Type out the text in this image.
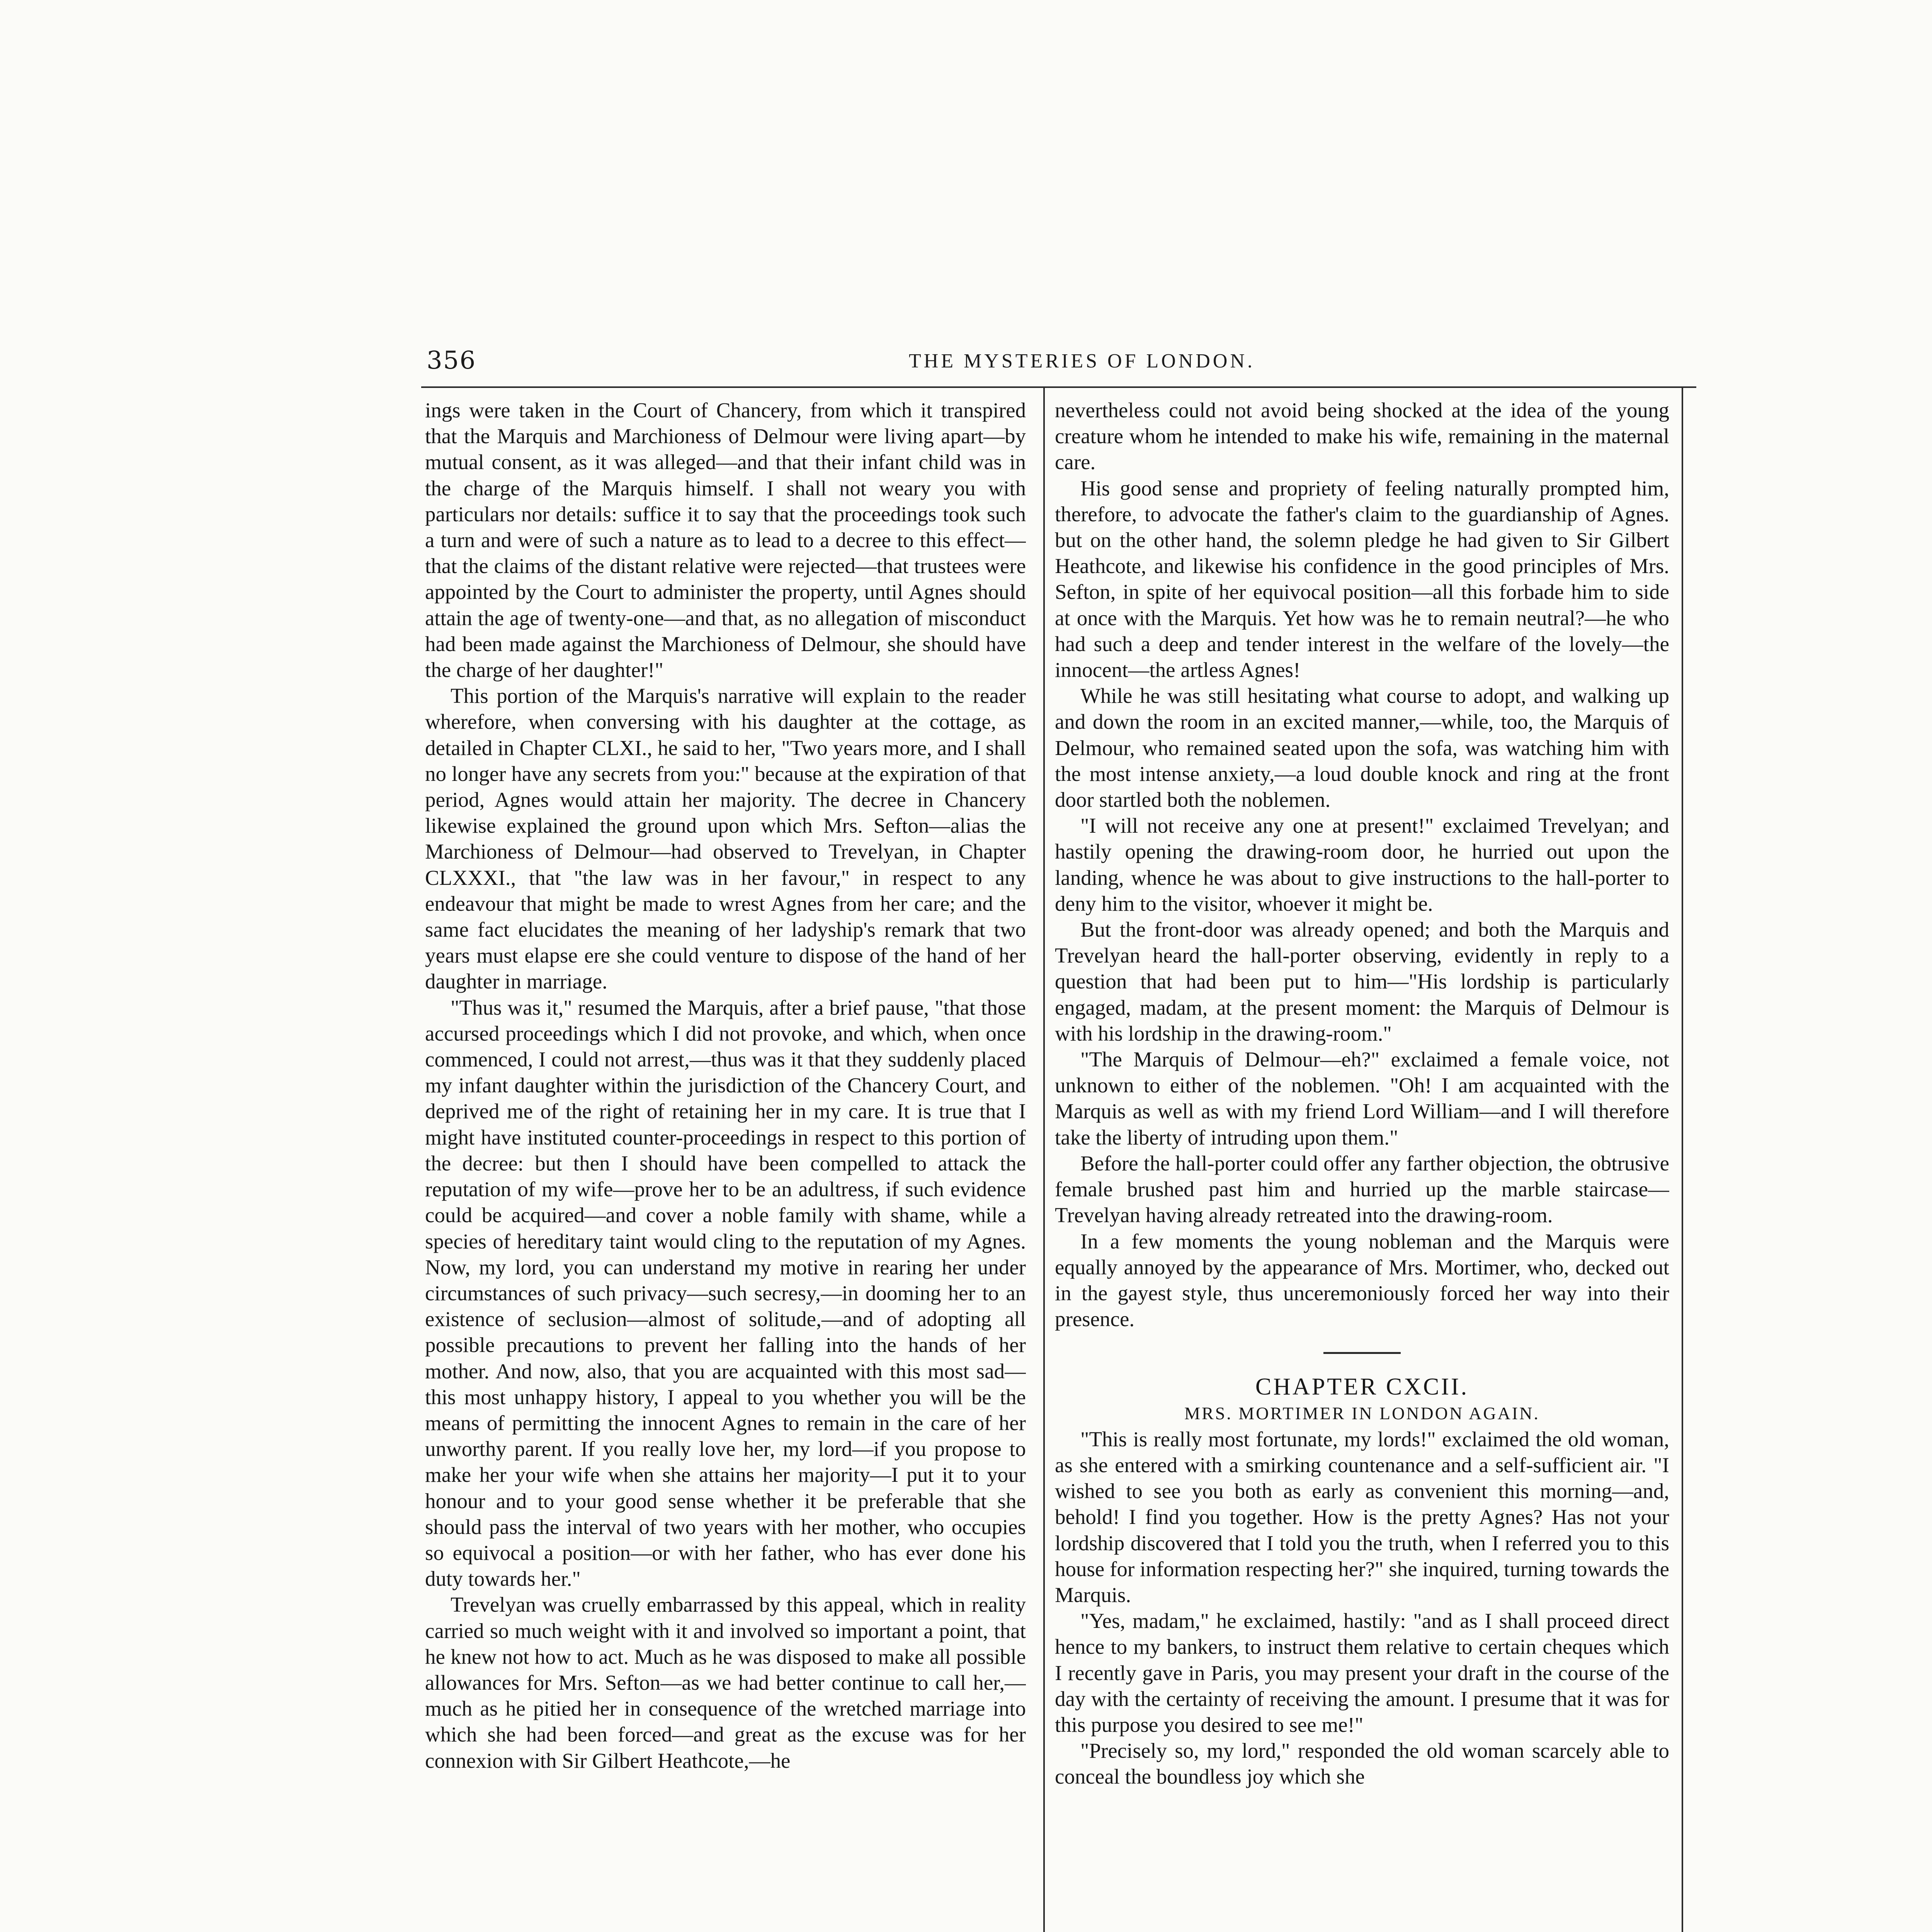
356	THE MYSTERIES OF LONDON.

ings were taken in the Court of Chancery, from which it transpired that the Marquis and Marchioness of Delmour were living apart—by mutual consent, as it was alleged—and that their infant child was in the charge of the Marquis himself. I shall not weary you with particulars nor details: suffice it to say that the proceedings took such a turn and were of such a nature as to lead to a decree to this effect—that the claims of the distant relative were rejected—that trustees were appointed by the Court to administer the property, until Agnes should attain the age of twenty-one—and that, as no allegation of misconduct had been made against the Marchioness of Delmour, she should have the charge of her daughter!"

This portion of the Marquis's narrative will explain to the reader wherefore, when conversing with his daughter at the cottage, as detailed in Chapter CLXI., he said to her, "Two years more, and I shall no longer have any secrets from you:" because at the expiration of that period, Agnes would attain her majority. The decree in Chancery likewise explained the ground upon which Mrs. Sefton—alias the Marchioness of Delmour—had observed to Trevelyan, in Chapter CLXXXI., that "the law was in her favour," in respect to any endeavour that might be made to wrest Agnes from her care; and the same fact elucidates the meaning of her ladyship's remark that two years must elapse ere she could venture to dispose of the hand of her daughter in marriage.

"Thus was it," resumed the Marquis, after a brief pause, "that those accursed proceedings which I did not provoke, and which, when once commenced, I could not arrest,—thus was it that they suddenly placed my infant daughter within the jurisdiction of the Chancery Court, and deprived me of the right of retaining her in my care. It is true that I might have instituted counter-proceedings in respect to this portion of the decree: but then I should have been compelled to attack the reputation of my wife—prove her to be an adultress, if such evidence could be acquired—and cover a noble family with shame, while a species of hereditary taint would cling to the reputation of my Agnes. Now, my lord, you can understand my motive in rearing her under circumstances of such privacy—such secresy,—in dooming her to an existence of seclusion—almost of solitude,—and of adopting all possible precautions to prevent her falling into the hands of her mother. And now, also, that you are acquainted with this most sad—this most unhappy history, I appeal to you whether you will be the means of permitting the innocent Agnes to remain in the care of her unworthy parent. If you really love her, my lord—if you propose to make her your wife when she attains her majority—I put it to your honour and to your good sense whether it be preferable that she should pass the interval of two years with her mother, who occupies so equivocal a position—or with her father, who has ever done his duty towards her."

Trevelyan was cruelly embarrassed by this appeal, which in reality carried so much weight with it and involved so important a point, that he knew not how to act. Much as he was disposed to make all possible allowances for Mrs. Sefton—as we had better continue to call her,—much as he pitied her in consequence of the wretched marriage into which she had been forced—and great as the excuse was for her connexion with Sir Gilbert Heathcote,—he

nevertheless could not avoid being shocked at the idea of the young creature whom he intended to make his wife, remaining in the maternal care.

His good sense and propriety of feeling naturally prompted him, therefore, to advocate the father's claim to the guardianship of Agnes. but on the other hand, the solemn pledge he had given to Sir Gilbert Heathcote, and likewise his confidence in the good principles of Mrs. Sefton, in spite of her equivocal position—all this forbade him to side at once with the Marquis. Yet how was he to remain neutral?—he who had such a deep and tender interest in the welfare of the lovely—the innocent—the artless Agnes!

While he was still hesitating what course to adopt, and walking up and down the room in an excited manner,—while, too, the Marquis of Delmour, who remained seated upon the sofa, was watching him with the most intense anxiety,—a loud double knock and ring at the front door startled both the noblemen.

"I will not receive any one at present!" exclaimed Trevelyan; and hastily opening the drawing-room door, he hurried out upon the landing, whence he was about to give instructions to the hall-porter to deny him to the visitor, whoever it might be.

But the front-door was already opened; and both the Marquis and Trevelyan heard the hall-porter observing, evidently in reply to a question that had been put to him—"His lordship is particularly engaged, madam, at the present moment: the Marquis of Delmour is with his lordship in the drawing-room."

"The Marquis of Delmour—eh?" exclaimed a female voice, not unknown to either of the noblemen. "Oh! I am acquainted with the Marquis as well as with my friend Lord William—and I will therefore take the liberty of intruding upon them."

Before the hall-porter could offer any farther objection, the obtrusive female brushed past him and hurried up the marble staircase—Trevelyan having already retreated into the drawing-room.

In a few moments the young nobleman and the Marquis were equally annoyed by the appearance of Mrs. Mortimer, who, decked out in the gayest style, thus unceremoniously forced her way into their presence.

CHAPTER CXCII.

MRS. MORTIMER IN LONDON AGAIN.

"This is really most fortunate, my lords!" exclaimed the old woman, as she entered with a smirking countenance and a self-sufficient air. "I wished to see you both as early as convenient this morning—and, behold! I find you together. How is the pretty Agnes? Has not your lordship discovered that I told you the truth, when I referred you to this house for information respecting her?" she inquired, turning towards the Marquis.

"Yes, madam," he exclaimed, hastily: "and as I shall proceed direct hence to my bankers, to instruct them relative to certain cheques which I recently gave in Paris, you may present your draft in the course of the day with the certainty of receiving the amount. I presume that it was for this purpose you desired to see me!"

"Precisely so, my lord," responded the old woman scarcely able to conceal the boundless joy which she
